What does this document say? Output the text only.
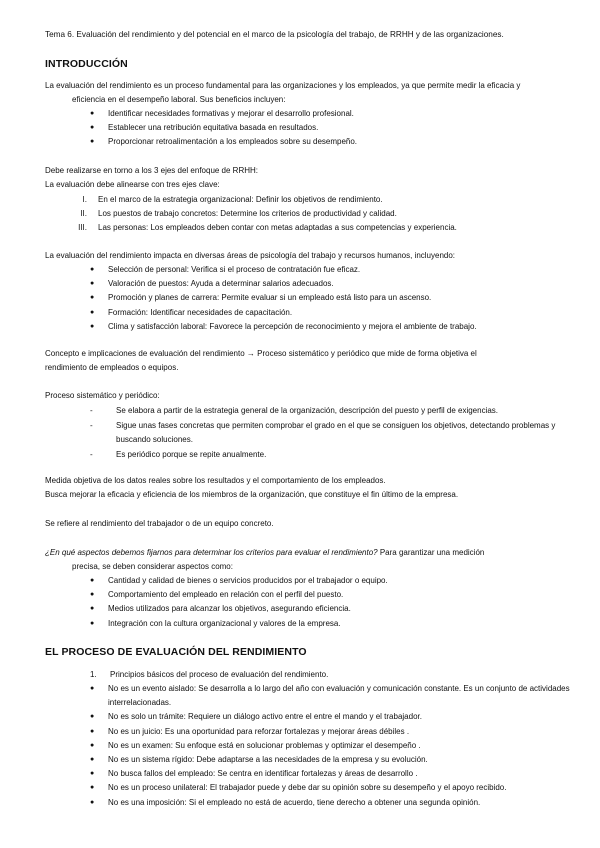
Tema 6. Evaluación del rendimiento y del potencial en el marco de la psicología del trabajo, de RRHH y de las organizaciones.

INTRODUCCIÓN
La evaluación del rendimiento es un proceso fundamental para las organizaciones y los empleados, ya que permite medir la eficacia y
eficiencia en el desempeño laboral. Sus beneficios incluyen:
● Identificar necesidades formativas y mejorar el desarrollo profesional.
● Establecer una retribución equitativa basada en resultados.
● Proporcionar retroalimentación a los empleados sobre su desempeño.
Debe realizarse en torno a los 3 ejes del enfoque de RRHH:
La evaluación debe alinearse con tres ejes clave:
I. En el marco de la estrategia organizacional: Definir los objetivos de rendimiento.
II. Los puestos de trabajo concretos: Determine los criterios de productividad y calidad.
III. Las personas: Los empleados deben contar con metas adaptadas a sus competencias y experiencia.

La evaluación del rendimiento impacta en diversas áreas de psicología del trabajo y recursos humanos, incluyendo:

● Selección de personal: Verifica si el proceso de contratación fue eficaz.
● Valoración de puestos: Ayuda a determinar salarios adecuados.
● Promoción y planes de carrera: Permite evaluar si un empleado está listo para un ascenso.
● Formación: Identificar necesidades de capacitación.
● Clima y satisfacción laboral: Favorece la percepción de reconocimiento y mejora el ambiente de trabajo.
Concepto e implicaciones de evaluación del rendimiento → Proceso sistemático y periódico que mide de forma objetiva el
rendimiento de empleados o equipos.

Proceso sistemático y periódico:

-	Se elabora a partir de la estrategia general de la organización, descripción del puesto y perfil de exigencias.
-	Sigue unas fases concretas que permiten comprobar el grado en el que se consiguen los objetivos, detectando problemas y buscando soluciones.
-	Es periódico porque se repite anualmente.
Medida objetiva de los datos reales sobre los resultados y el comportamiento de los empleados.
Busca mejorar la eficacia y eficiencia de los miembros de la organización, que constituye el fin último de la empresa.

Se refiere al rendimiento del trabajador o de un equipo concreto.

¿En qué aspectos debemos fijarnos para determinar los criterios para evaluar el rendimiento? Para garantizar una medición
precisa, se deben considerar aspectos como:
● Cantidad y calidad de bienes o servicios producidos por el trabajador o equipo.
● Comportamiento del empleado en relación con el perfil del puesto.
● Medios utilizados para alcanzar los objetivos, asegurando eficiencia.
● Integración con la cultura organizacional y valores de la empresa.
EL PROCESO DE EVALUACIÓN DEL RENDIMIENTO
1. Principios básicos del proceso de evaluación del rendimiento.
● No es un evento aislado: Se desarrolla a lo largo del año con evaluación y comunicación constante. Es un conjunto de actividades interrelacionadas.
● No es solo un trámite: Requiere un diálogo activo entre el entre el mando y el trabajador.
● No es un juicio: Es una oportunidad para reforzar fortalezas y mejorar áreas débiles .
● No es un examen: Su enfoque está en solucionar problemas y optimizar el desempeño .
● No es un sistema rígido: Debe adaptarse a las necesidades de la empresa y su evolución.
● No busca fallos del empleado: Se centra en identificar fortalezas y áreas de desarrollo .
● No es un proceso unilateral: El trabajador puede y debe dar su opinión sobre su desempeño y el apoyo recibido.
● No es una imposición: Si el empleado no está de acuerdo, tiene derecho a obtener una segunda opinión.
